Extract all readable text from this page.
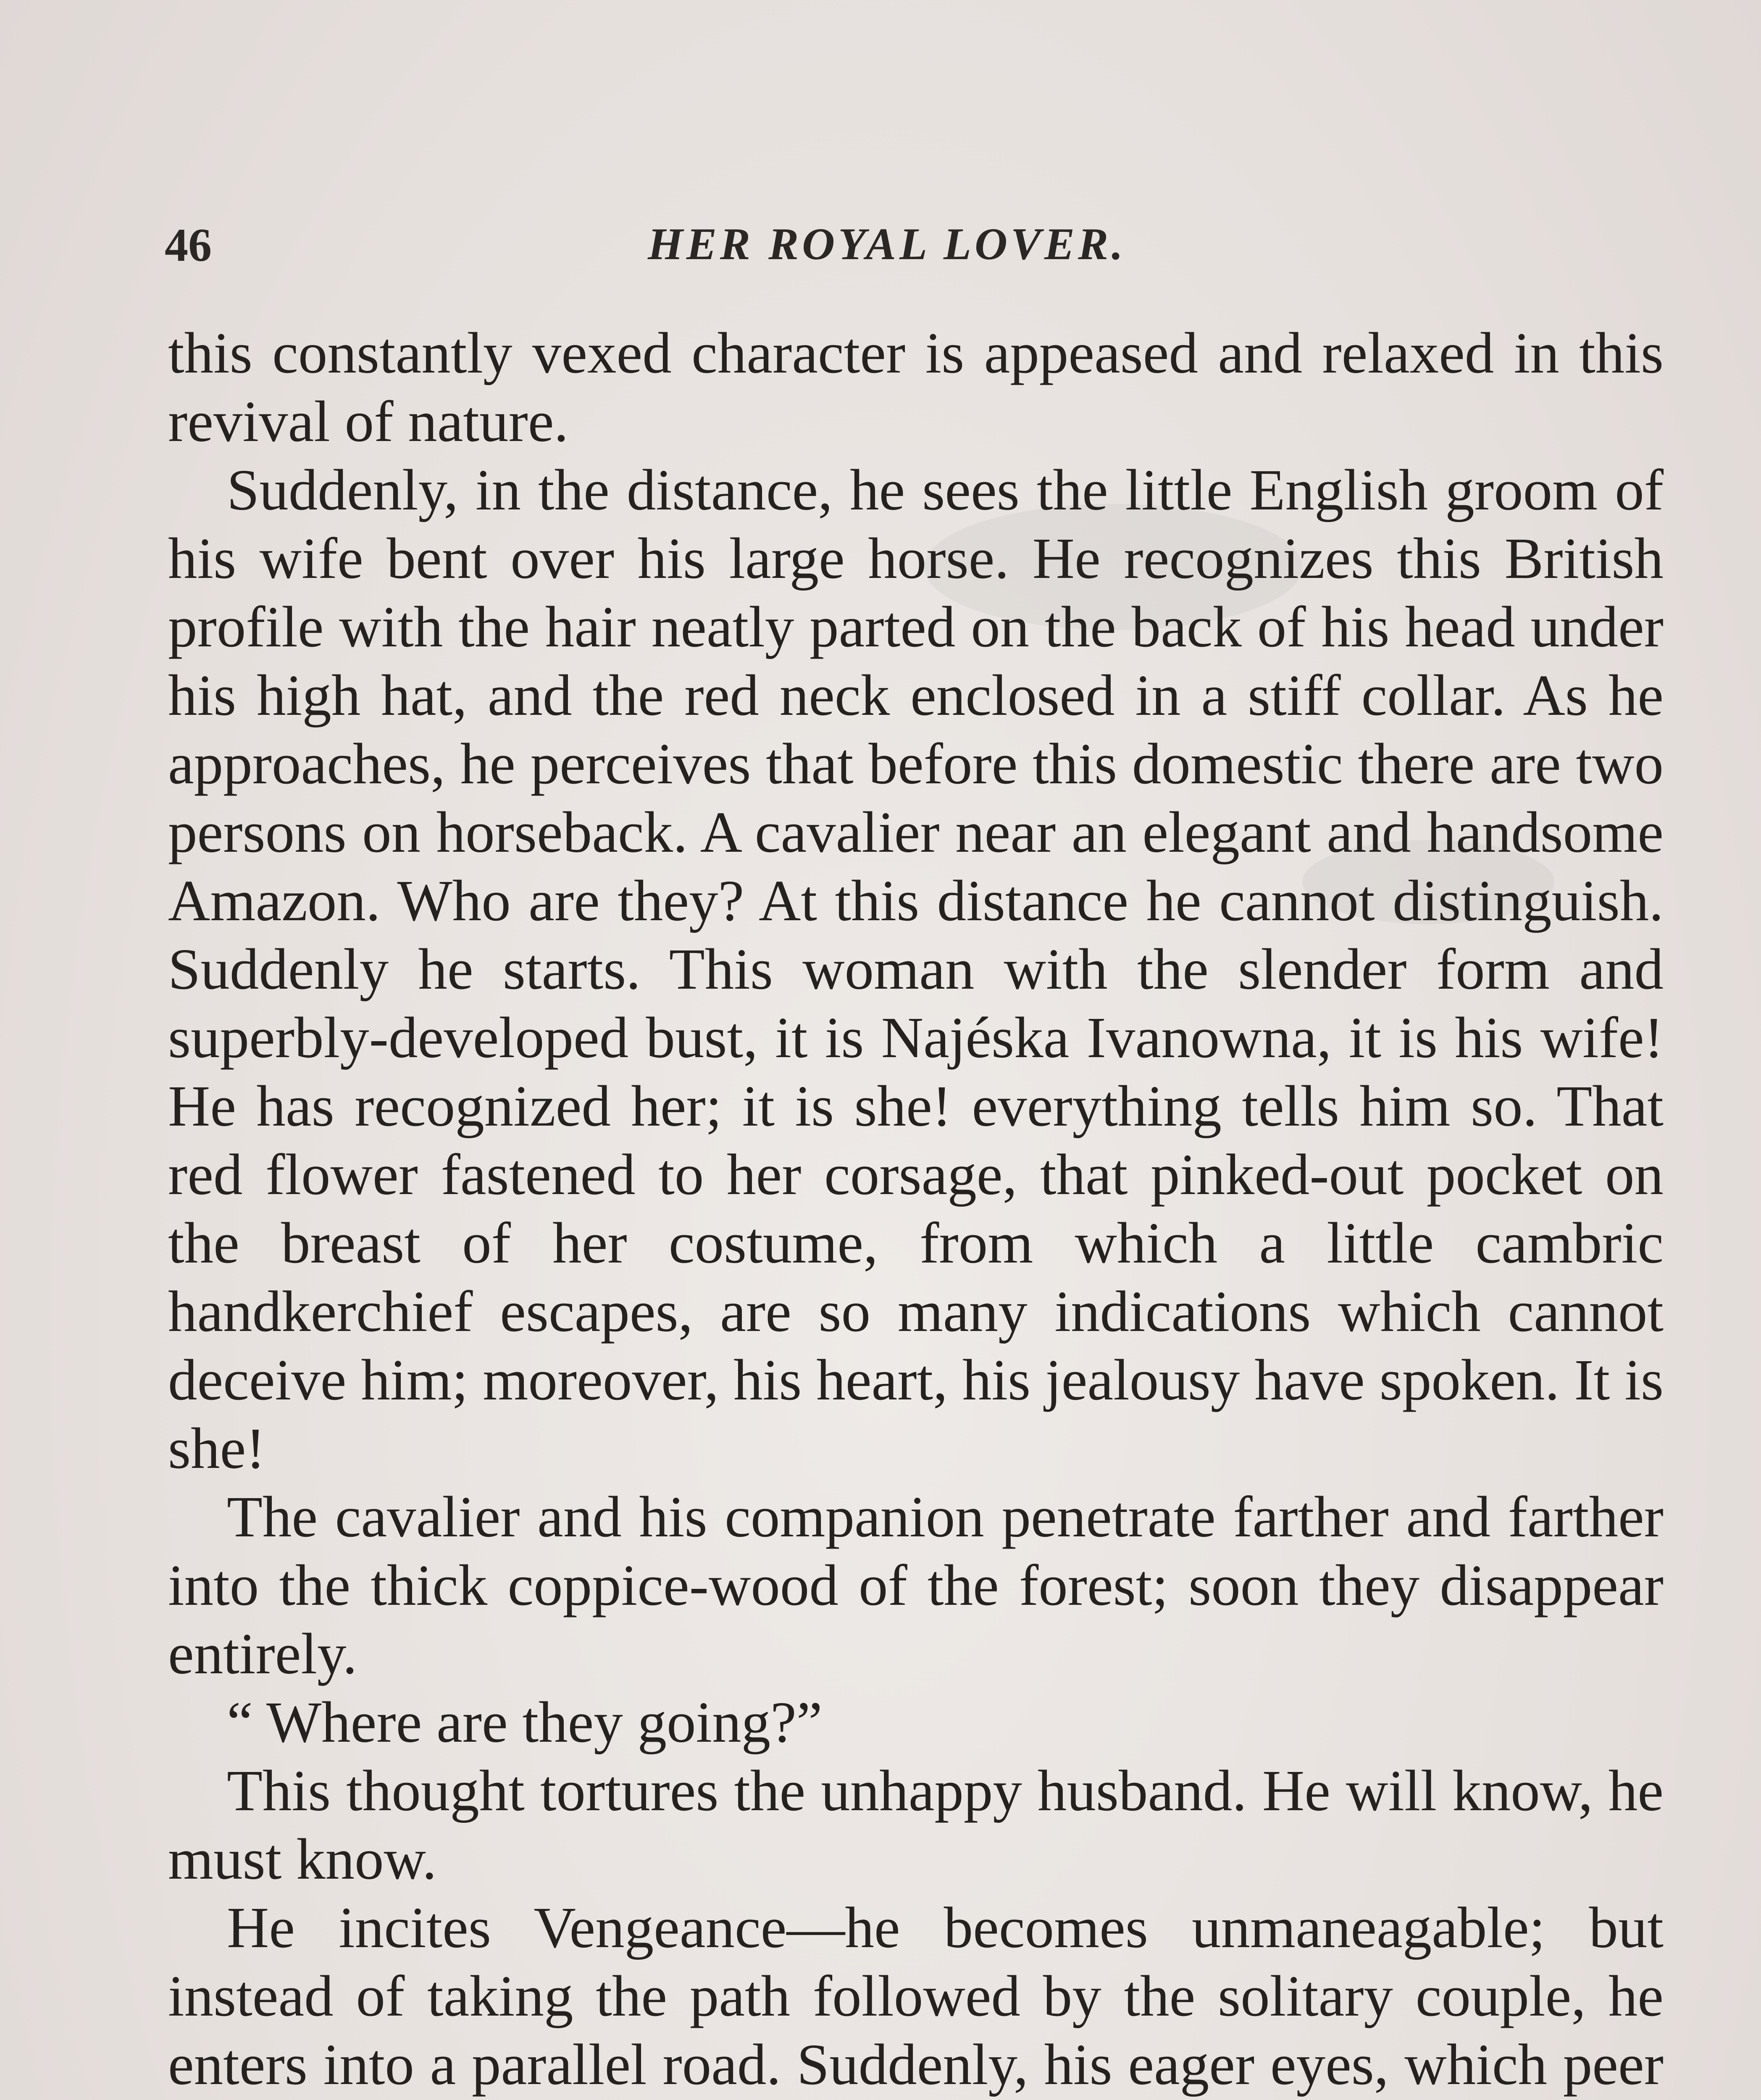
46	HER ROYAL LOVER.

this constantly vexed character is appeased and relaxed in this revival of nature.

Suddenly, in the distance, he sees the little English groom of his wife bent over his large horse. He recognizes this British profile with the hair neatly parted on the back of his head under his high hat, and the red neck enclosed in a stiff collar. As he approaches, he perceives that before this domestic there are two persons on horseback. A cavalier near an elegant and handsome Amazon. Who are they? At this distance he cannot distinguish. Suddenly he starts. This woman with the slender form and superbly-developed bust, it is Najéska Ivanowna, it is his wife! He has recognized her; it is she! everything tells him so. That red flower fastened to her corsage, that pinked-out pocket on the breast of her costume, from which a little cambric handkerchief escapes, are so many indications which cannot deceive him; moreover, his heart, his jealousy have spoken. It is she!

The cavalier and his companion penetrate farther and farther into the thick coppice-wood of the forest; soon they disappear entirely.

“ Where are they going?”

This thought tortures the unhappy husband. He will know, he must know.

He incites Vengeance—he becomes unmaneagable; but instead of taking the path followed by the solitary couple, he enters into a parallel road. Suddenly, his eager eyes, which peer
